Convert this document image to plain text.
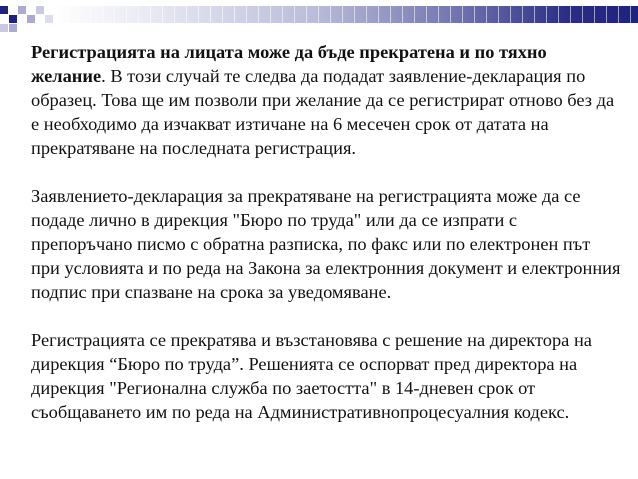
Регистрацията на лицата може да бъде прекратена и по тяхно желание. В този случай те следва да подадат заявление-декларация по образец. Това ще им позволи при желание да се регистрират отново без да е необходимо да изчакват изтичане на 6 месечен срок от датата на прекратяване на последната регистрация.

Заявлението-декларация за прекратяване на регистрацията може да се подаде лично в дирекция "Бюро по труда" или да се изпрати с препоръчано писмо с обратна разписка, по факс или по електронен път при условията и по реда на Закона за електронния документ и електронния подпис при спазване на срока за уведомяване.

Регистрацията се прекратява и възстановява с решение на директора на дирекция “Бюро по труда”. Решенията се оспорват пред директора на дирекция "Регионална служба по заетостта" в 14-дневен срок от съобщаването им по реда на Административнопроцесуалния кодекс.
